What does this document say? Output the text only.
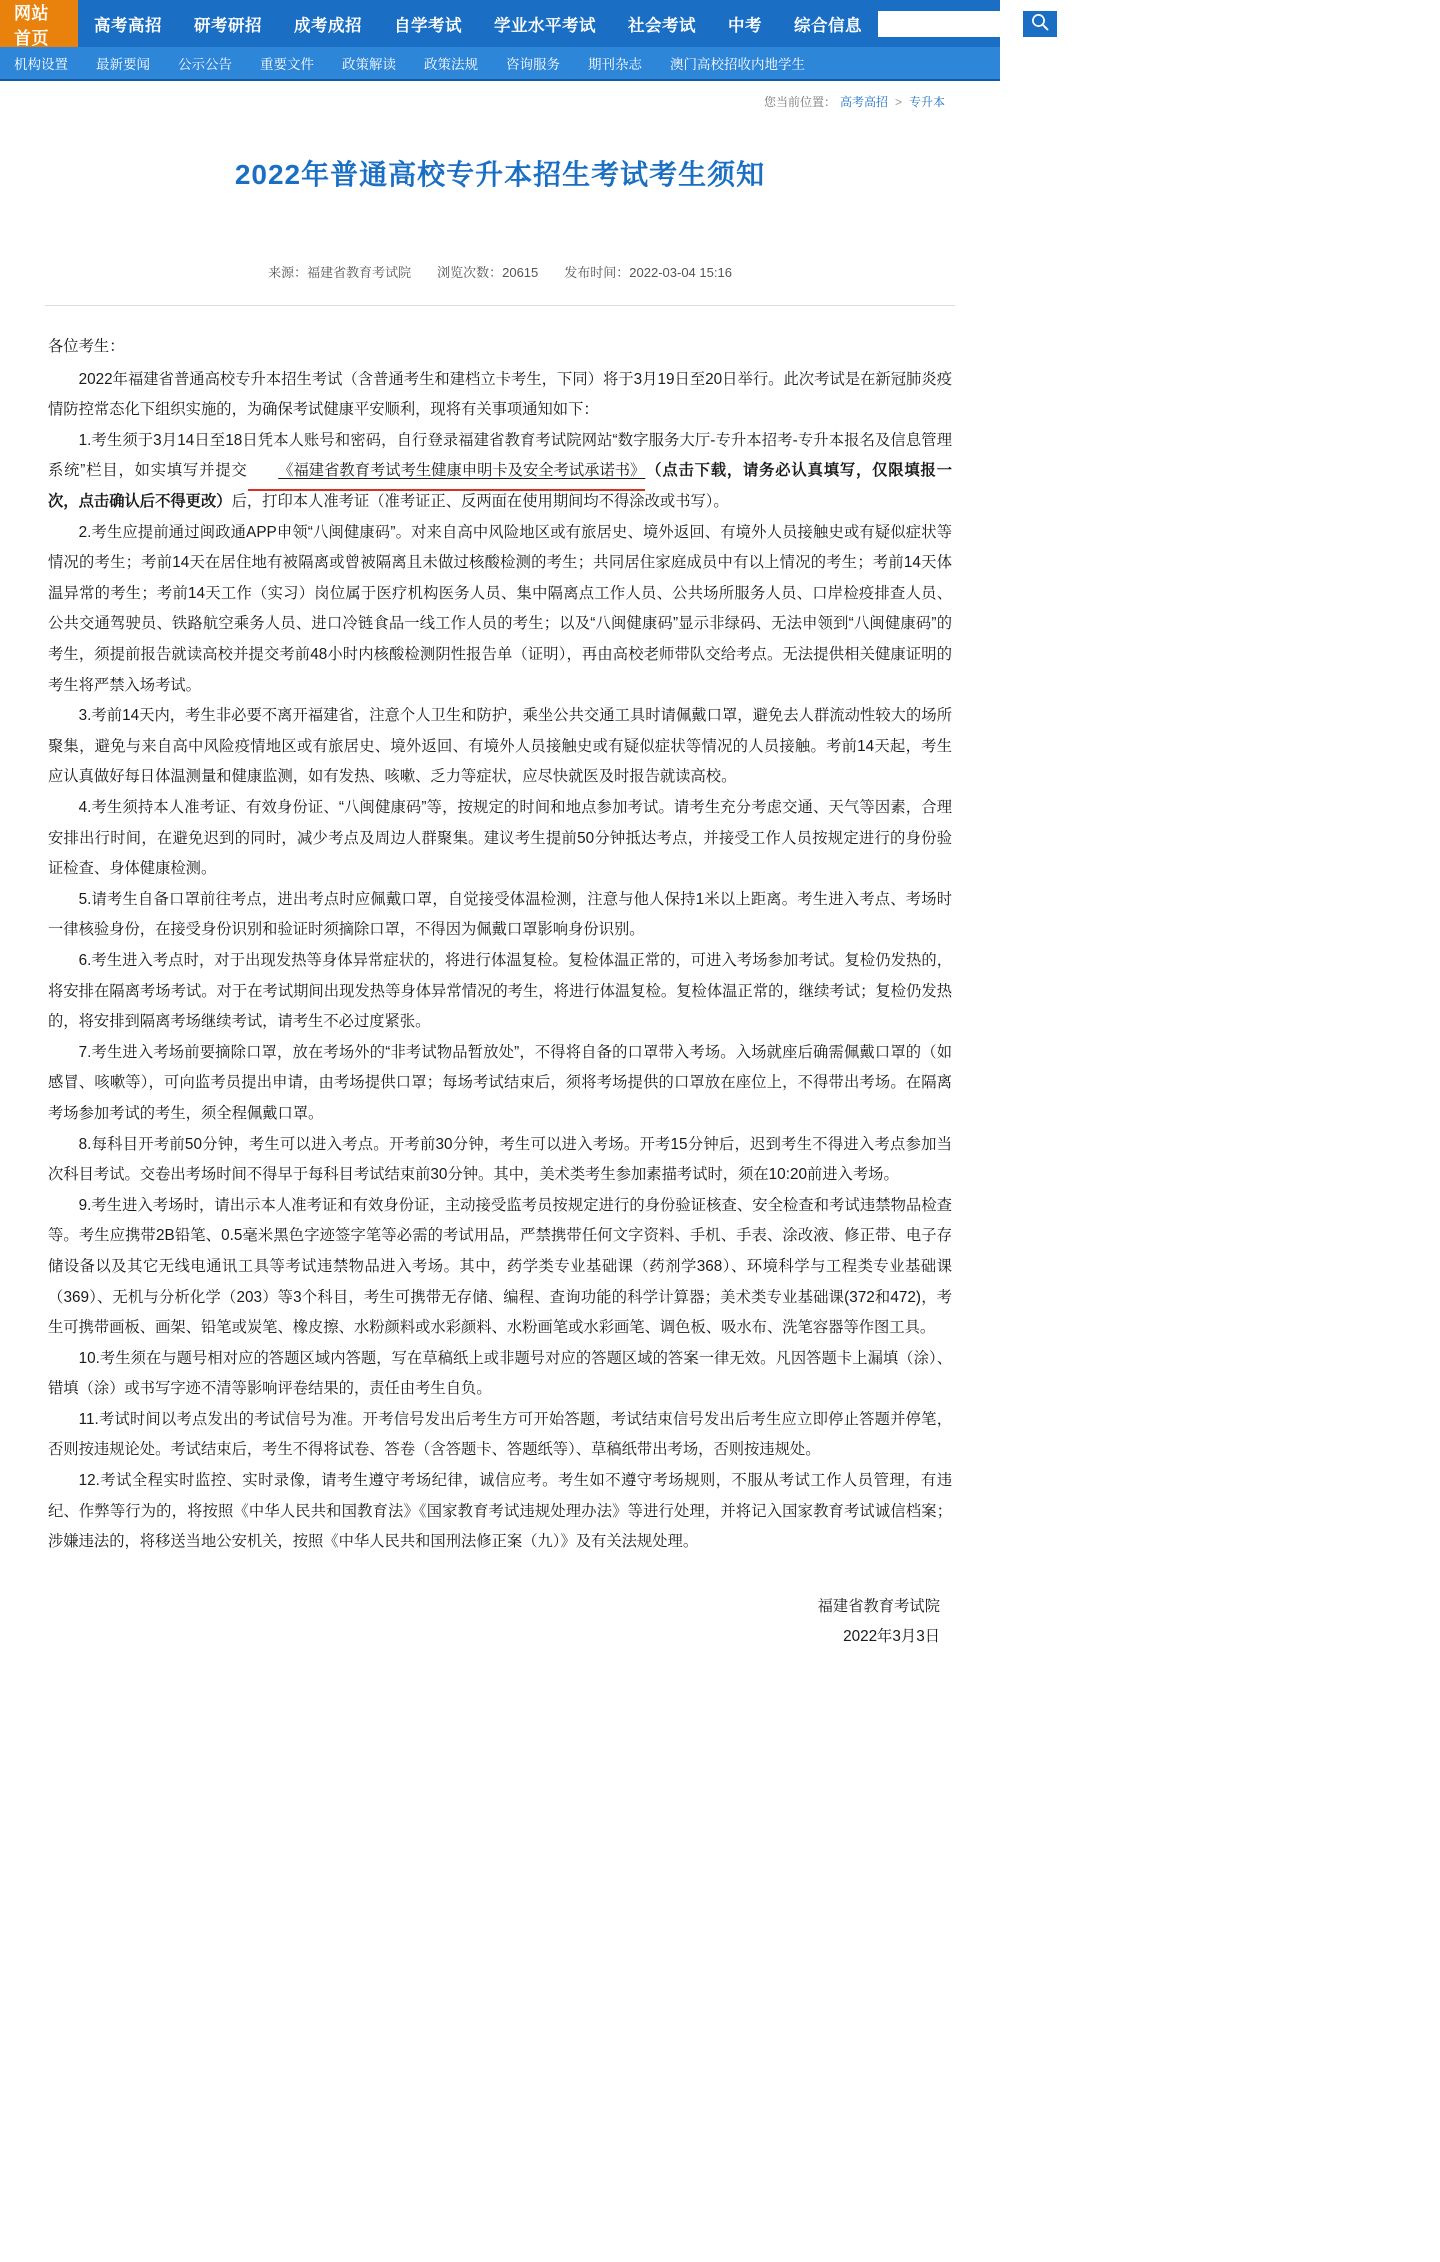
网站首页
高考高招 研考研招 成考成招 自学考试 学业水平考试 社会考试 中考 综合信息
机构设置	最新要闻	公示公告	重要文件	政策解读	政策法规	咨询服务	期刊杂志	澳门高校招收内地学生
您当前位置： 高考高招 > 专升本
2022年普通高校专升本招生考试考生须知
来源：福建省教育考试院 浏览次数：20615 发布时间：2022-03-04 15:16

各位考生：

2022年福建省普通高校专升本招生考试（含普通考生和建档立卡考生，下同）将于3月19日至20日举行。此次考试是在新冠肺炎疫情防控常态化下组织实施的，为确保考试健康平安顺利，现将有关事项通知如下：

1.考生须于3月14日至18日凭本人账号和密码，自行登录福建省教育考试院网站“数字服务大厅-专升本招考-专升本报名及信息管理系统”栏目，如实填写并提交 《福建省教育考试考生健康申明卡及安全考试承诺书》（点击下载，请务必认真填写，仅限填报一次，点击确认后不得更改）后，打印本人准考证（准考证正、反两面在使用期间均不得涂改或书写）。

2.考生应提前通过闽政通APP申领“八闽健康码”。对来自高中风险地区或有旅居史、境外返回、有境外人员接触史或有疑似症状等情况的考生；考前14天在居住地有被隔离或曾被隔离且未做过核酸检测的考生；共同居住家庭成员中有以上情况的考生；考前14天体温异常的考生；考前14天工作（实习）岗位属于医疗机构医务人员、集中隔离点工作人员、公共场所服务人员、口岸检疫排查人员、公共交通驾驶员、铁路航空乘务人员、进口冷链食品一线工作人员的考生；以及“八闽健康码”显示非绿码、无法申领到“八闽健康码”的考生，须提前报告就读高校并提交考前48小时内核酸检测阴性报告单（证明），再由高校老师带队交给考点。无法提供相关健康证明的考生将严禁入场考试。

3.考前14天内，考生非必要不离开福建省，注意个人卫生和防护，乘坐公共交通工具时请佩戴口罩，避免去人群流动性较大的场所聚集，避免与来自高中风险疫情地区或有旅居史、境外返回、有境外人员接触史或有疑似症状等情况的人员接触。考前14天起，考生应认真做好每日体温测量和健康监测，如有发热、咳嗽、乏力等症状，应尽快就医及时报告就读高校。

4.考生须持本人准考证、有效身份证、“八闽健康码”等，按规定的时间和地点参加考试。请考生充分考虑交通、天气等因素，合理安排出行时间，在避免迟到的同时，减少考点及周边人群聚集。建议考生提前50分钟抵达考点，并接受工作人员按规定进行的身份验证检查、身体健康检测。

5.请考生自备口罩前往考点，进出考点时应佩戴口罩，自觉接受体温检测，注意与他人保持1米以上距离。考生进入考点、考场时一律核验身份，在接受身份识别和验证时须摘除口罩，不得因为佩戴口罩影响身份识别。

6.考生进入考点时，对于出现发热等身体异常症状的，将进行体温复检。复检体温正常的，可进入考场参加考试。复检仍发热的，将安排在隔离考场考试。对于在考试期间出现发热等身体异常情况的考生，将进行体温复检。复检体温正常的，继续考试；复检仍发热的，将安排到隔离考场继续考试，请考生不必过度紧张。

7.考生进入考场前要摘除口罩，放在考场外的“非考试物品暂放处”，不得将自备的口罩带入考场。入场就座后确需佩戴口罩的（如感冒、咳嗽等），可向监考员提出申请，由考场提供口罩；每场考试结束后，须将考场提供的口罩放在座位上，不得带出考场。在隔离考场参加考试的考生，须全程佩戴口罩。

8.每科目开考前50分钟，考生可以进入考点。开考前30分钟，考生可以进入考场。开考15分钟后，迟到考生不得进入考点参加当次科目考试。交卷出考场时间不得早于每科目考试结束前30分钟。其中，美术类考生参加素描考试时，须在10:20前进入考场。

9.考生进入考场时，请出示本人准考证和有效身份证，主动接受监考员按规定进行的身份验证核查、安全检查和考试违禁物品检查等。考生应携带2B铅笔、0.5毫米黑色字迹签字笔等必需的考试用品，严禁携带任何文字资料、手机、手表、涂改液、修正带、电子存储设备以及其它无线电通讯工具等考试违禁物品进入考场。其中，药学类专业基础课（药剂学368）、环境科学与工程类专业基础课（369）、无机与分析化学（203）等3个科目，考生可携带无存储、编程、查询功能的科学计算器；美术类专业基础课(372和472)，考生可携带画板、画架、铅笔或炭笔、橡皮擦、水粉颜料或水彩颜料、水粉画笔或水彩画笔、调色板、吸水布、洗笔容器等作图工具。

10.考生须在与题号相对应的答题区域内答题，写在草稿纸上或非题号对应的答题区域的答案一律无效。凡因答题卡上漏填（涂）、错填（涂）或书写字迹不清等影响评卷结果的，责任由考生自负。

11.考试时间以考点发出的考试信号为准。开考信号发出后考生方可开始答题，考试结束信号发出后考生应立即停止答题并停笔，否则按违规论处。考试结束后，考生不得将试卷、答卷（含答题卡、答题纸等）、草稿纸带出考场，否则按违规处。

12.考试全程实时监控、实时录像，请考生遵守考场纪律，诚信应考。考生如不遵守考场规则，不服从考试工作人员管理，有违纪、作弊等行为的，将按照《中华人民共和国教育法》《国家教育考试违规处理办法》等进行处理，并将记入国家教育考试诚信档案；涉嫌违法的，将移送当地公安机关，按照《中华人民共和国刑法修正案（九）》及有关法规处理。

福建省教育考试院
2022年3月3日
